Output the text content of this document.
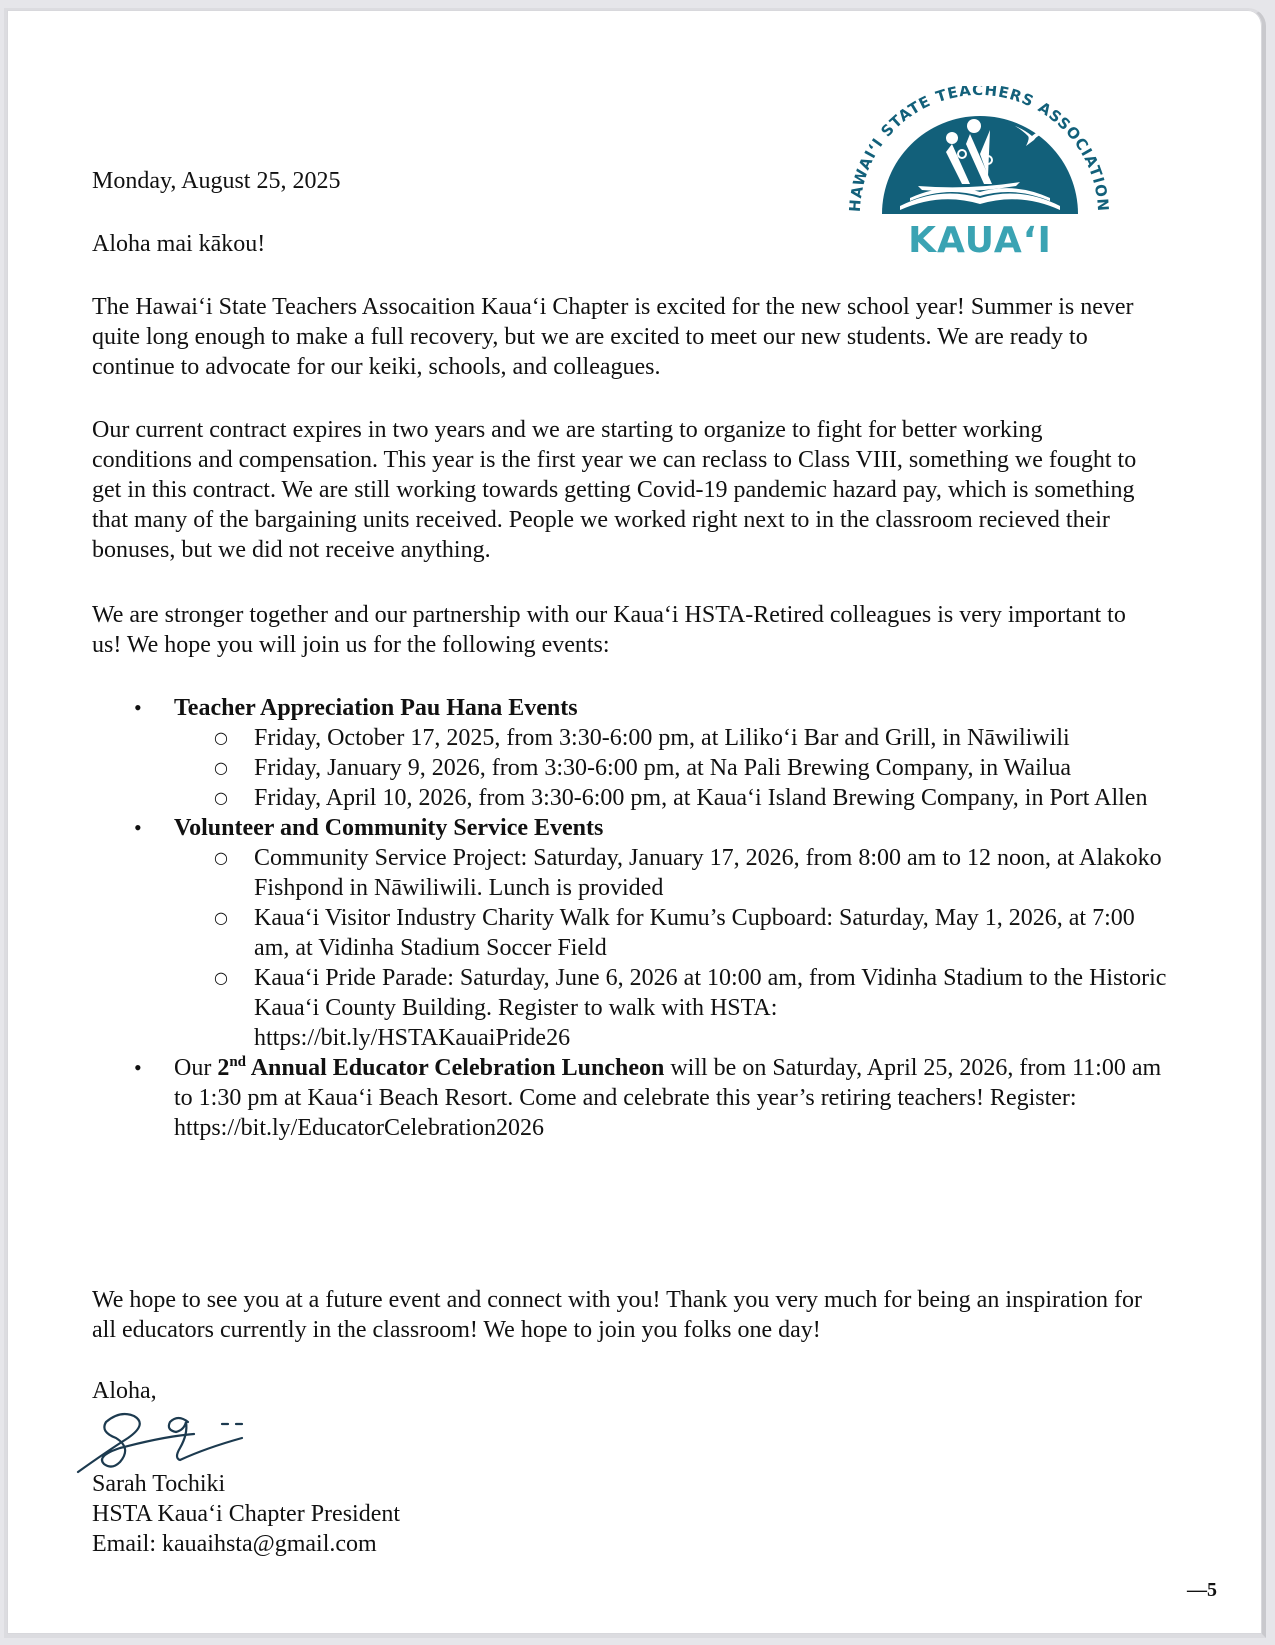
HAWAIʻI STATE TEACHERS ASSOCIATION
KAUAʻI
Monday, August 25, 2025
Aloha mai kākou!

The Hawaiʻi State Teachers Assocaition Kauaʻi Chapter is excited for the new school year! Summer is never quite long enough to make a full recovery, but we are excited to meet our new students. We are ready to continue to advocate for our keiki, schools, and colleagues.

Our current contract expires in two years and we are starting to organize to fight for better working conditions and compensation. This year is the first year we can reclass to Class VIII, something we fought to get in this contract. We are still working towards getting Covid-19 pandemic hazard pay, which is something that many of the bargaining units received. People we worked right next to in the classroom recieved their bonuses, but we did not receive anything.

We are stronger together and our partnership with our Kauaʻi HSTA-Retired colleagues is very important to us! We hope you will join us for the following events:

• Teacher Appreciation Pau Hana Events
○ Friday, October 17, 2025, from 3:30-6:00 pm, at Lilikoʻi Bar and Grill, in Nāwiliwili
○ Friday, January 9, 2026, from 3:30-6:00 pm, at Na Pali Brewing Company, in Wailua
○ Friday, April 10, 2026, from 3:30-6:00 pm, at Kauaʻi Island Brewing Company, in Port Allen
• Volunteer and Community Service Events
○ Community Service Project: Saturday, January 17, 2026, from 8:00 am to 12 noon, at Alakoko Fishpond in Nāwiliwili. Lunch is provided
○ Kauaʻi Visitor Industry Charity Walk for Kumu’s Cupboard: Saturday, May 1, 2026, at 7:00 am, at Vidinha Stadium Soccer Field
○ Kauaʻi Pride Parade: Saturday, June 6, 2026 at 10:00 am, from Vidinha Stadium to the Historic Kauaʻi County Building. Register to walk with HSTA:
https://bit.ly/HSTAKauaiPride26
• Our 2nd Annual Educator Celebration Luncheon will be on Saturday, April 25, 2026, from 11:00 am to 1:30 pm at Kauaʻi Beach Resort. Come and celebrate this year’s retiring teachers! Register: https://bit.ly/EducatorCelebration2026

We hope to see you at a future event and connect with you! Thank you very much for being an inspiration for all educators currently in the classroom! We hope to join you folks one day!

Aloha,
Sarah Tochiki
HSTA Kauaʻi Chapter President
Email: kauaihsta@gmail.com
—5
